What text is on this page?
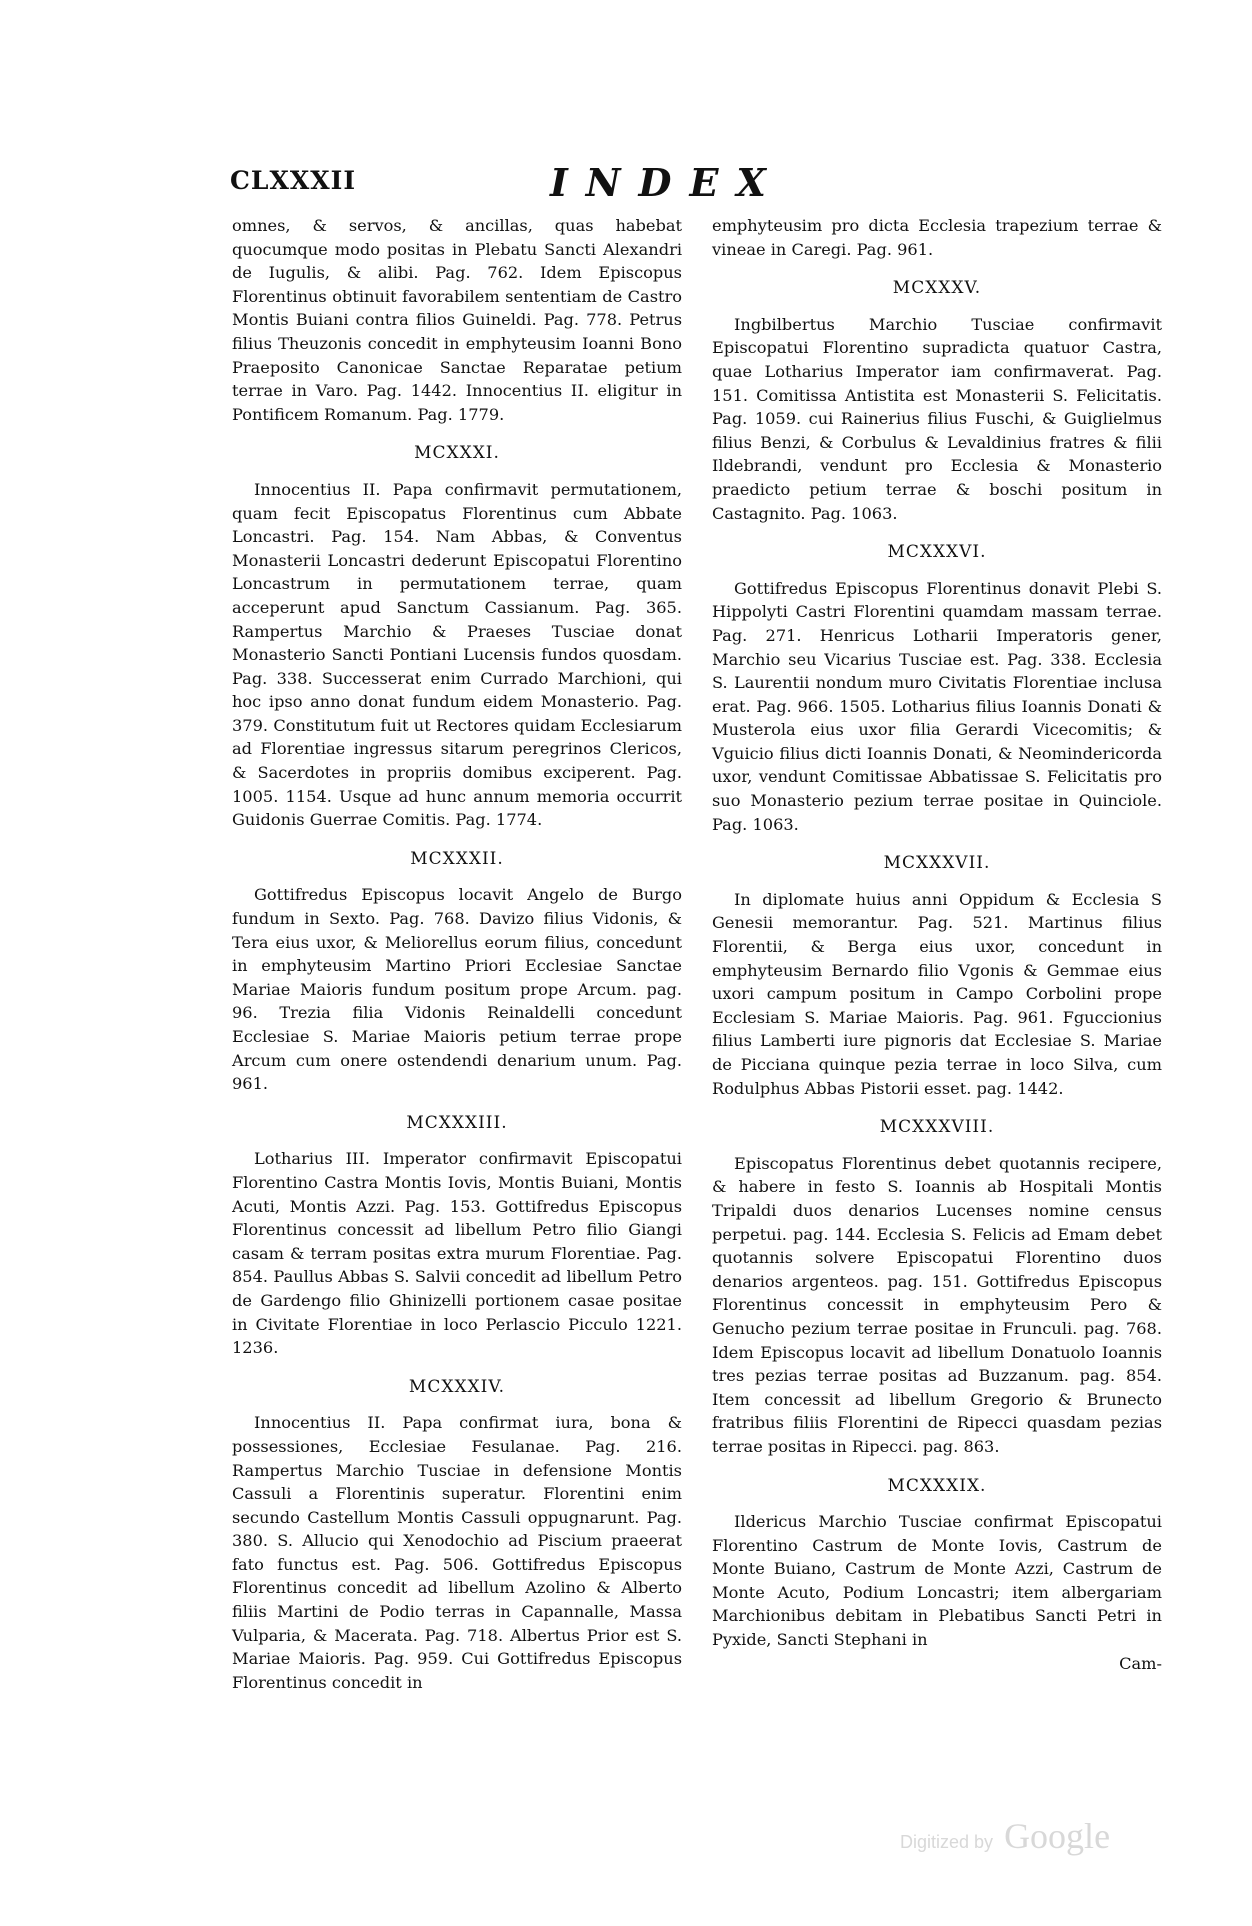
CLXXXII	INDEX

omnes, & servos, & ancillas, quas habebat quocumque modo positas in Plebatu Sancti Alexandri de Iugulis, & alibi. Pag. 762. Idem Episcopus Florentinus obtinuit favorabilem sententiam de Castro Montis Buiani contra filios Guineldi. Pag. 778. Petrus filius Theuzonis concedit in emphyteusim Ioanni Bono Praeposito Canonicae Sanctae Reparatae petium terrae in Varo. Pag. 1442. Innocentius II. eligitur in Pontificem Romanum. Pag. 1779.

MCXXXI.

Innocentius II. Papa confirmavit permutationem, quam fecit Episcopatus Florentinus cum Abbate Loncastri. Pag. 154. Nam Abbas, & Conventus Monasterii Loncastri dederunt Episcopatui Florentino Loncastrum in permutationem terrae, quam acceperunt apud Sanctum Cassianum. Pag. 365. Rampertus Marchio & Praeses Tusciae donat Monasterio Sancti Pontiani Lucensis fundos quosdam. Pag. 338. Successerat enim Currado Marchioni, qui hoc ipso anno donat fundum eidem Monasterio. Pag. 379. Constitutum fuit ut Rectores quidam Ecclesiarum ad Florentiae ingressus sitarum peregrinos Clericos, & Sacerdotes in propriis domibus exciperent. Pag. 1005. 1154. Usque ad hunc annum memoria occurrit Guidonis Guerrae Comitis. Pag. 1774.

MCXXXII.

Gottifredus Episcopus locavit Angelo de Burgo fundum in Sexto. Pag. 768. Davizo filius Vidonis, & Tera eius uxor, & Meliorellus eorum filius, concedunt in emphyteusim Martino Priori Ecclesiae Sanctae Mariae Maioris fundum positum prope Arcum. pag. 96. Trezia filia Vidonis Reinaldelli concedunt Ecclesiae S. Mariae Maioris petium terrae prope Arcum cum onere ostendendi denarium unum. Pag. 961.

MCXXXIII.

Lotharius III. Imperator confirmavit Episcopatui Florentino Castra Montis Iovis, Montis Buiani, Montis Acuti, Montis Azzi. Pag. 153. Gottifredus Episcopus Florentinus concessit ad libellum Petro filio Giangi casam & terram positas extra murum Florentiae. Pag. 854. Paullus Abbas S. Salvii concedit ad libellum Petro de Gardengo filio Ghinizelli portionem casae positae in Civitate Florentiae in loco Perlascio Picculo 1221. 1236.

MCXXXIV.

Innocentius II. Papa confirmat iura, bona & possessiones, Ecclesiae Fesulanae. Pag. 216. Rampertus Marchio Tusciae in defensione Montis Cassuli a Florentinis superatur. Florentini enim secundo Castellum Montis Cassuli oppugnarunt. Pag. 380. S. Allucio qui Xenodochio ad Piscium praeerat fato functus est. Pag. 506. Gottifredus Episcopus Florentinus concedit ad libellum Azolino & Alberto filiis Martini de Podio terras in Capannalle, Massa Vulparia, & Macerata. Pag. 718. Albertus Prior est S. Mariae Maioris. Pag. 959. Cui Gottifredus Episcopus Florentinus concedit in

emphyteusim pro dicta Ecclesia trapezium terrae & vineae in Caregi. Pag. 961.

MCXXXV.

Ingbilbertus Marchio Tusciae confirmavit Episcopatui Florentino supradicta quatuor Castra, quae Lotharius Imperator iam confirmaverat. Pag. 151. Comitissa Antistita est Monasterii S. Felicitatis. Pag. 1059. cui Rainerius filius Fuschi, & Guiglielmus filius Benzi, & Corbulus & Levaldinius fratres & filii Ildebrandi, vendunt pro Ecclesia & Monasterio praedicto petium terrae & boschi positum in Castagnito. Pag. 1063.

MCXXXVI.

Gottifredus Episcopus Florentinus donavit Plebi S. Hippolyti Castri Florentini quamdam massam terrae. Pag. 271. Henricus Lotharii Imperatoris gener, Marchio seu Vicarius Tusciae est. Pag. 338. Ecclesia S. Laurentii nondum muro Civitatis Florentiae inclusa erat. Pag. 966. 1505. Lotharius filius Ioannis Donati & Musterola eius uxor filia Gerardi Vicecomitis; & Vguicio filius dicti Ioannis Donati, & Neomindericorda uxor, vendunt Comitissae Abbatissae S. Felicitatis pro suo Monasterio pezium terrae positae in Quinciole. Pag. 1063.

MCXXXVII.

In diplomate huius anni Oppidum & Ecclesia S Genesii memorantur. Pag. 521. Martinus filius Florentii, & Berga eius uxor, concedunt in emphyteusim Bernardo filio Vgonis & Gemmae eius uxori campum positum in Campo Corbolini prope Ecclesiam S. Mariae Maioris. Pag. 961. Fguccionius filius Lamberti iure pignoris dat Ecclesiae S. Mariae de Picciana quinque pezia terrae in loco Silva, cum Rodulphus Abbas Pistorii esset. pag. 1442.

MCXXXVIII.

Episcopatus Florentinus debet quotannis recipere, & habere in festo S. Ioannis ab Hospitali Montis Tripaldi duos denarios Lucenses nomine census perpetui. pag. 144. Ecclesia S. Felicis ad Emam debet quotannis solvere Episcopatui Florentino duos denarios argenteos. pag. 151. Gottifredus Episcopus Florentinus concessit in emphyteusim Pero & Genucho pezium terrae positae in Frunculi. pag. 768. Idem Episcopus locavit ad libellum Donatuolo Ioannis tres pezias terrae positas ad Buzzanum. pag. 854. Item concessit ad libellum Gregorio & Brunecto fratribus filiis Florentini de Ripecci quasdam pezias terrae positas in Ripecci. pag. 863.

MCXXXIX.

Ildericus Marchio Tusciae confirmat Episcopatui Florentino Castrum de Monte Iovis, Castrum de Monte Buiano, Castrum de Monte Azzi, Castrum de Monte Acuto, Podium Loncastri; item albergariam Marchionibus debitam in Plebatibus Sancti Petri in Pyxide, Sancti Stephani in

Cam-
Digitized by Google
